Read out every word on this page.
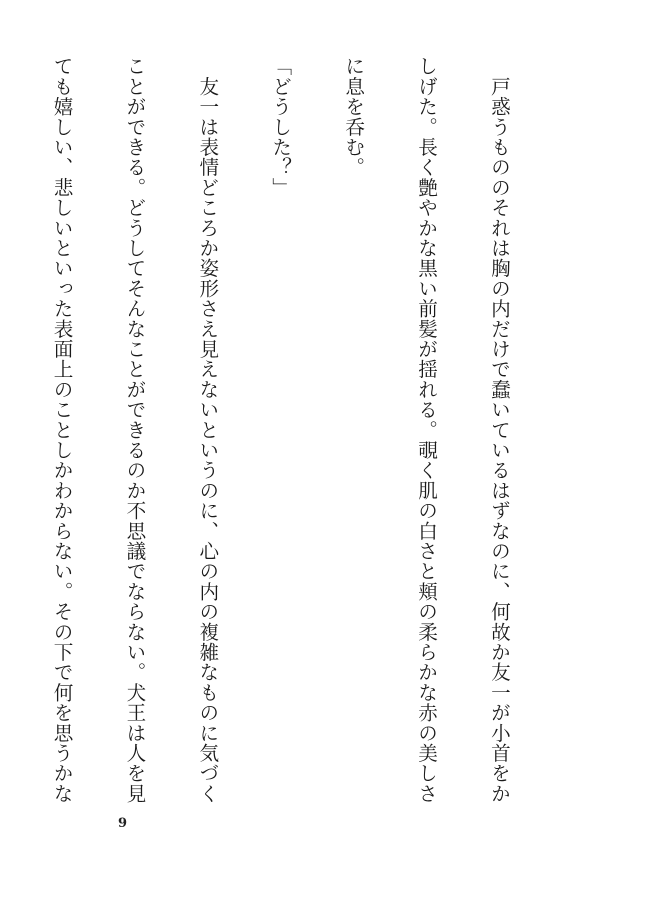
　戸惑うもののそれは胸の内だけで蠢いているはずなのに、何故か友一が小首をか

しげた。長く艶やかな黒い前髪が揺れる。覗く肌の白さと頬の柔らかな赤の美しさ

に息を呑む。

「どうした？」

　友一は表情どころか姿形さえ見えないというのに、心の内の複雑なものに気づく

ことができる。どうしてそんなことができるのか不思議でならない。犬王は人を見

ても嬉しい、悲しいといった表面上のことしかわからない。その下で何を思うかな

9
